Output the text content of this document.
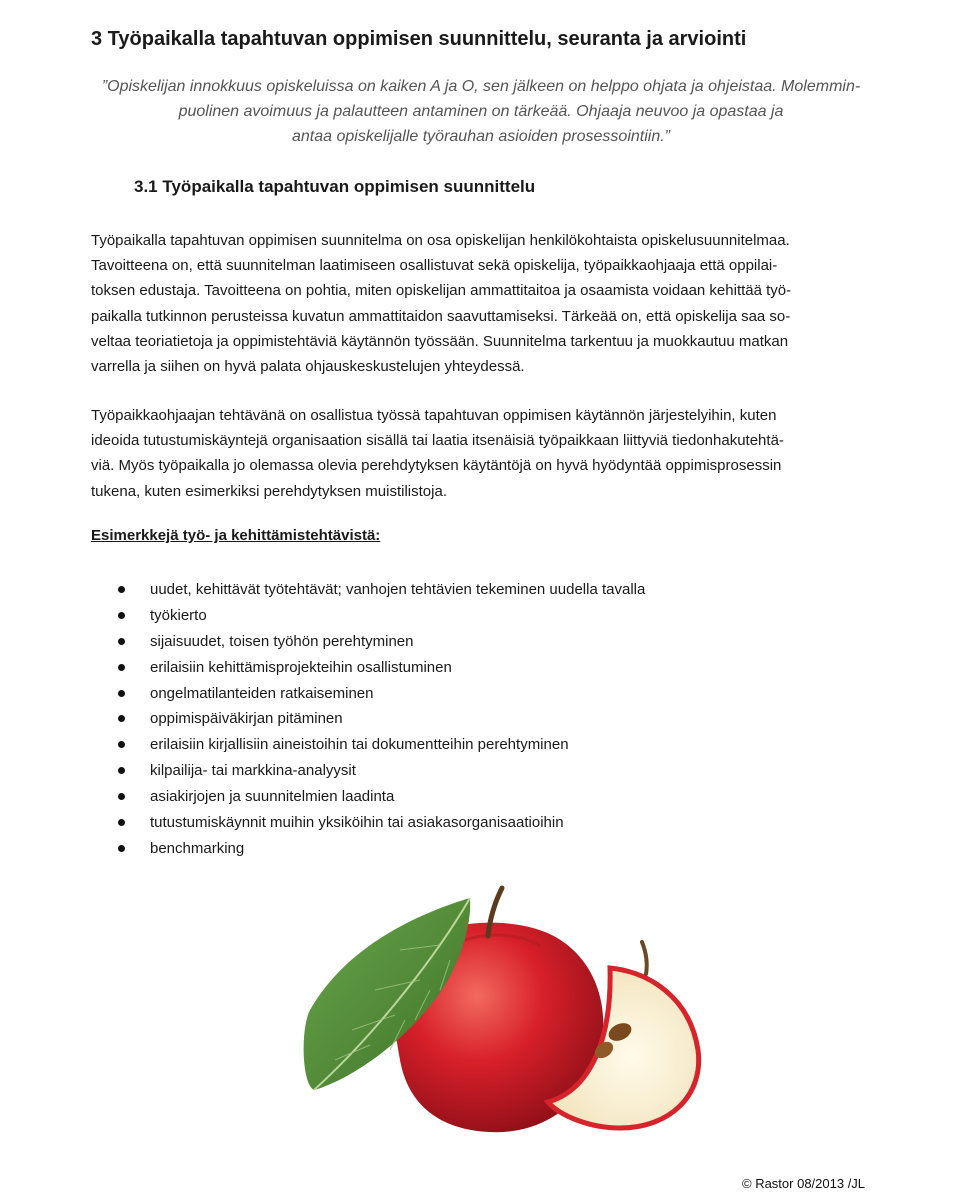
3 Työpaikalla tapahtuvan oppimisen suunnittelu, seuranta ja arviointi

”Opiskelijan innokkuus opiskeluissa on kaiken A ja O, sen jälkeen on helppo ohjata ja ohjeistaa. Molemmin-
puolinen avoimuus ja palautteen antaminen on tärkeää. Ohjaaja neuvoo ja opastaa ja
antaa opiskelijalle työrauhan asioiden prosessointiin.”

3.1 Työpaikalla tapahtuvan oppimisen suunnittelu

Työpaikalla tapahtuvan oppimisen suunnitelma on osa opiskelijan henkilökohtaista opiskelusuunnitelmaa.
Tavoitteena on, että suunnitelman laatimiseen osallistuvat sekä opiskelija, työpaikkaohjaaja että oppilai-
toksen edustaja. Tavoitteena on pohtia, miten opiskelijan ammattitaitoa ja osaamista voidaan kehittää työ-
paikalla tutkinnon perusteissa kuvatun ammattitaidon saavuttamiseksi. Tärkeää on, että opiskelija saa so-
veltaa teoriatietoja ja oppimistehtäviä käytännön työssään. Suunnitelma tarkentuu ja muokkautuu matkan
varrella ja siihen on hyvä palata ohjauskeskustelujen yhteydessä.

Työpaikkaohjaajan tehtävänä on osallistua työssä tapahtuvan oppimisen käytännön järjestelyihin, kuten
ideoida tutustumiskäyntejä organisaation sisällä tai laatia itsenäisiä työpaikkaan liittyviä tiedonhakutehtä-
viä. Myös työpaikalla jo olemassa olevia perehdytyksen käytäntöjä on hyvä hyödyntää oppimisprosessin
tukena, kuten esimerkiksi perehdytyksen muistilistoja.

Esimerkkejä työ- ja kehittämistehtävistä:
uudet, kehittävät työtehtävät; vanhojen tehtävien tekeminen uudella tavalla
työkierto
sijaisuudet, toisen työhön perehtyminen
erilaisiin kehittämisprojekteihin osallistuminen
ongelmatilanteiden ratkaiseminen
oppimispäiväkirjan pitäminen
erilaisiin kirjallisiin aineistoihin tai dokumentteihin perehtyminen
kilpailija- tai markkina-analyysit
asiakirjojen ja suunnitelmien laadinta
tutustumiskäynnit muihin yksiköihin tai asiakasorganisaatioihin
benchmarking

© Rastor 08/2013 /JL
